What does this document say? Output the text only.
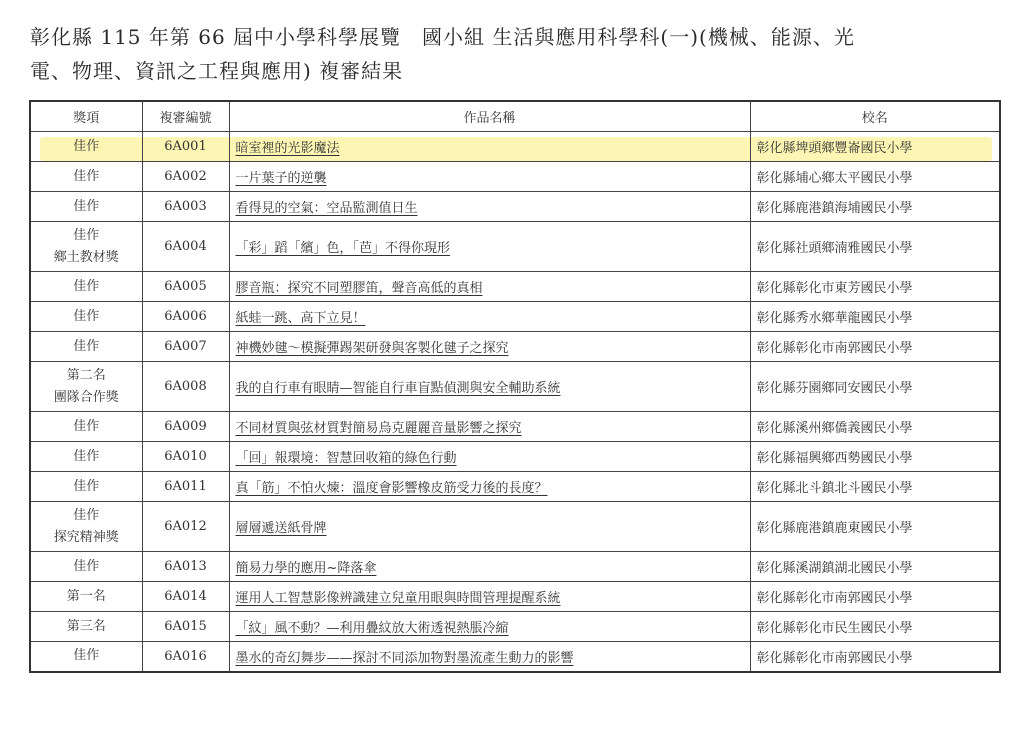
彰化縣 115 年第 66 屆中小學科學展覽　國小組 生活與應用科學科(一)(機械、能源、光
電、物理、資訊之工程與應用) 複審結果
獎項	複審編號	作品名稱	校名

佳作	6A001	暗室裡的光影魔法	彰化縣埤頭鄉豐崙國民小學

佳作	6A002	一片葉子的逆襲	彰化縣埔心鄉太平國民小學

佳作	6A003	看得見的空氣：空品監測值日生	彰化縣鹿港鎮海埔國民小學

佳作
鄉土教材獎	6A004	「彩」蹈「繽」色，「芭」不得你現形	彰化縣社頭鄉湳雅國民小學

佳作	6A005	膠音瓶：探究不同塑膠笛，聲音高低的真相	彰化縣彰化市東芳國民小學

佳作	6A006	紙蛙一跳、高下立見！	彰化縣秀水鄉華龍國民小學

佳作	6A007	神機妙毽～模擬彈踢架研發與客製化毽子之探究	彰化縣彰化市南郭國民小學

第二名
團隊合作獎	6A008	我的自行車有眼睛—智能自行車盲點偵測與安全輔助系統	彰化縣芬園鄉同安國民小學

佳作	6A009	不同材質與弦材質對簡易烏克麗麗音量影響之探究	彰化縣溪州鄉僑義國民小學

佳作	6A010	「回」報環境：智慧回收箱的綠色行動	彰化縣福興鄉西勢國民小學

佳作	6A011	真「筋」不怕火煉：溫度會影響橡皮筋受力後的長度？	彰化縣北斗鎮北斗國民小學

佳作
探究精神獎	6A012	層層遞送紙骨牌	彰化縣鹿港鎮鹿東國民小學

佳作	6A013	簡易力學的應用~降落傘	彰化縣溪湖鎮湖北國民小學

第一名	6A014	運用人工智慧影像辨識建立兒童用眼與時間管理提醒系統	彰化縣彰化市南郭國民小學

第三名	6A015	「紋」風不動？—利用疊紋放大術透視熱脹冷縮	彰化縣彰化市民生國民小學

佳作	6A016	墨水的奇幻舞步——探討不同添加物對墨流產生動力的影響	彰化縣彰化市南郭國民小學
